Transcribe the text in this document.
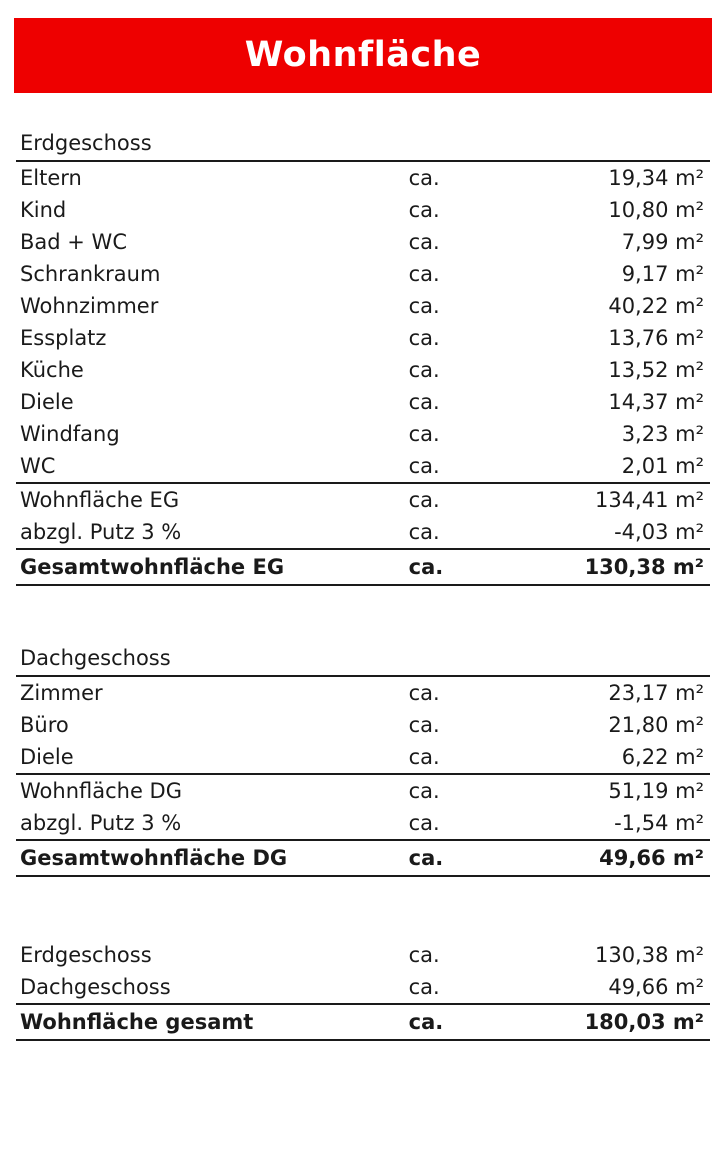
Wohnfläche
Erdgeschoss		
Eltern	ca.	19,34 m²
Kind	ca.	10,80 m²
Bad + WC	ca.	7,99 m²
Schrankraum	ca.	9,17 m²
Wohnzimmer	ca.	40,22 m²
Essplatz	ca.	13,76 m²
Küche	ca.	13,52 m²
Diele	ca.	14,37 m²
Windfang	ca.	3,23 m²
WC	ca.	2,01 m²
Wohnfläche EG	ca.	134,41 m²
abzgl. Putz 3 %	ca.	-4,03 m²
Gesamtwohnfläche EG	ca.	130,38 m²
Dachgeschoss		
Zimmer	ca.	23,17 m²
Büro	ca.	21,80 m²
Diele	ca.	6,22 m²
Wohnfläche DG	ca.	51,19 m²
abzgl. Putz 3 %	ca.	-1,54 m²
Gesamtwohnfläche DG	ca.	49,66 m²
Erdgeschoss	ca.	130,38 m²
Dachgeschoss	ca.	49,66 m²
Wohnfläche gesamt	ca.	180,03 m²
